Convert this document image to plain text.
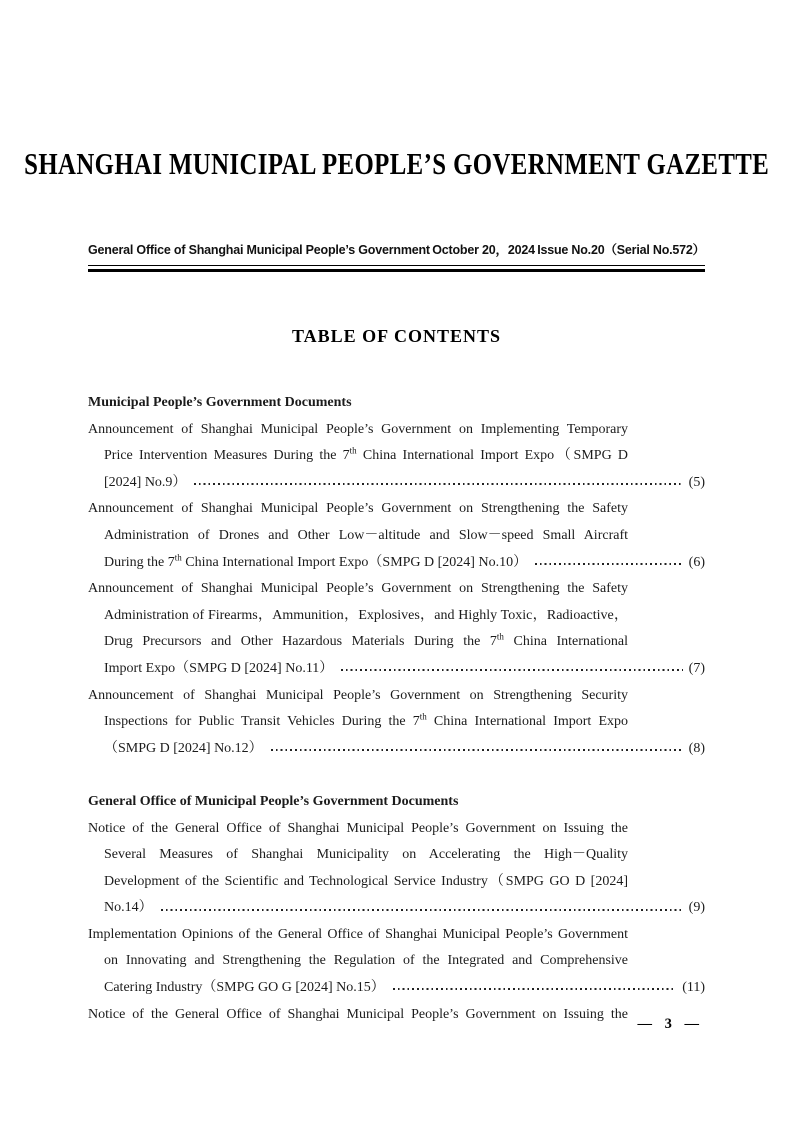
SHANGHAI MUNICIPAL PEOPLE’S GOVERNMENT GAZETTE
General Office of Shanghai Municipal People’s Government October 20，2024 Issue No.20（Serial No.572）
TABLE OF CONTENTS
Municipal People’s Government Documents
Announcement of Shanghai Municipal People’s Government on Implementing Temporary
Price Intervention Measures During the 7th China International Import Expo（SMPG D
[2024] No.9）	(5)
Announcement of Shanghai Municipal People’s Government on Strengthening the Safety
Administration of Drones and Other Low－altitude and Slow－speed Small Aircraft
During the 7th China International Import Expo（SMPG D [2024] No.10）	(6)
Announcement of Shanghai Municipal People’s Government on Strengthening the Safety
Administration of Firearms，Ammunition，Explosives，and Highly Toxic，Radioactive，
Drug Precursors and Other Hazardous Materials During the 7th China International
Import Expo（SMPG D [2024] No.11）	(7)
Announcement of Shanghai Municipal People’s Government on Strengthening Security
Inspections for Public Transit Vehicles During the 7th China International Import Expo
（SMPG D [2024] No.12）	(8)
General Office of Municipal People’s Government Documents
Notice of the General Office of Shanghai Municipal People’s Government on Issuing the
Several Measures of Shanghai Municipality on Accelerating the High－Quality
Development of the Scientific and Technological Service Industry（SMPG GO D [2024]
No.14）	(9)
Implementation Opinions of the General Office of Shanghai Municipal People’s Government
on Innovating and Strengthening the Regulation of the Integrated and Comprehensive
Catering Industry（SMPG GO G [2024] No.15）	(11)
Notice of the General Office of Shanghai Municipal People’s Government on Issuing the
— 3 —
